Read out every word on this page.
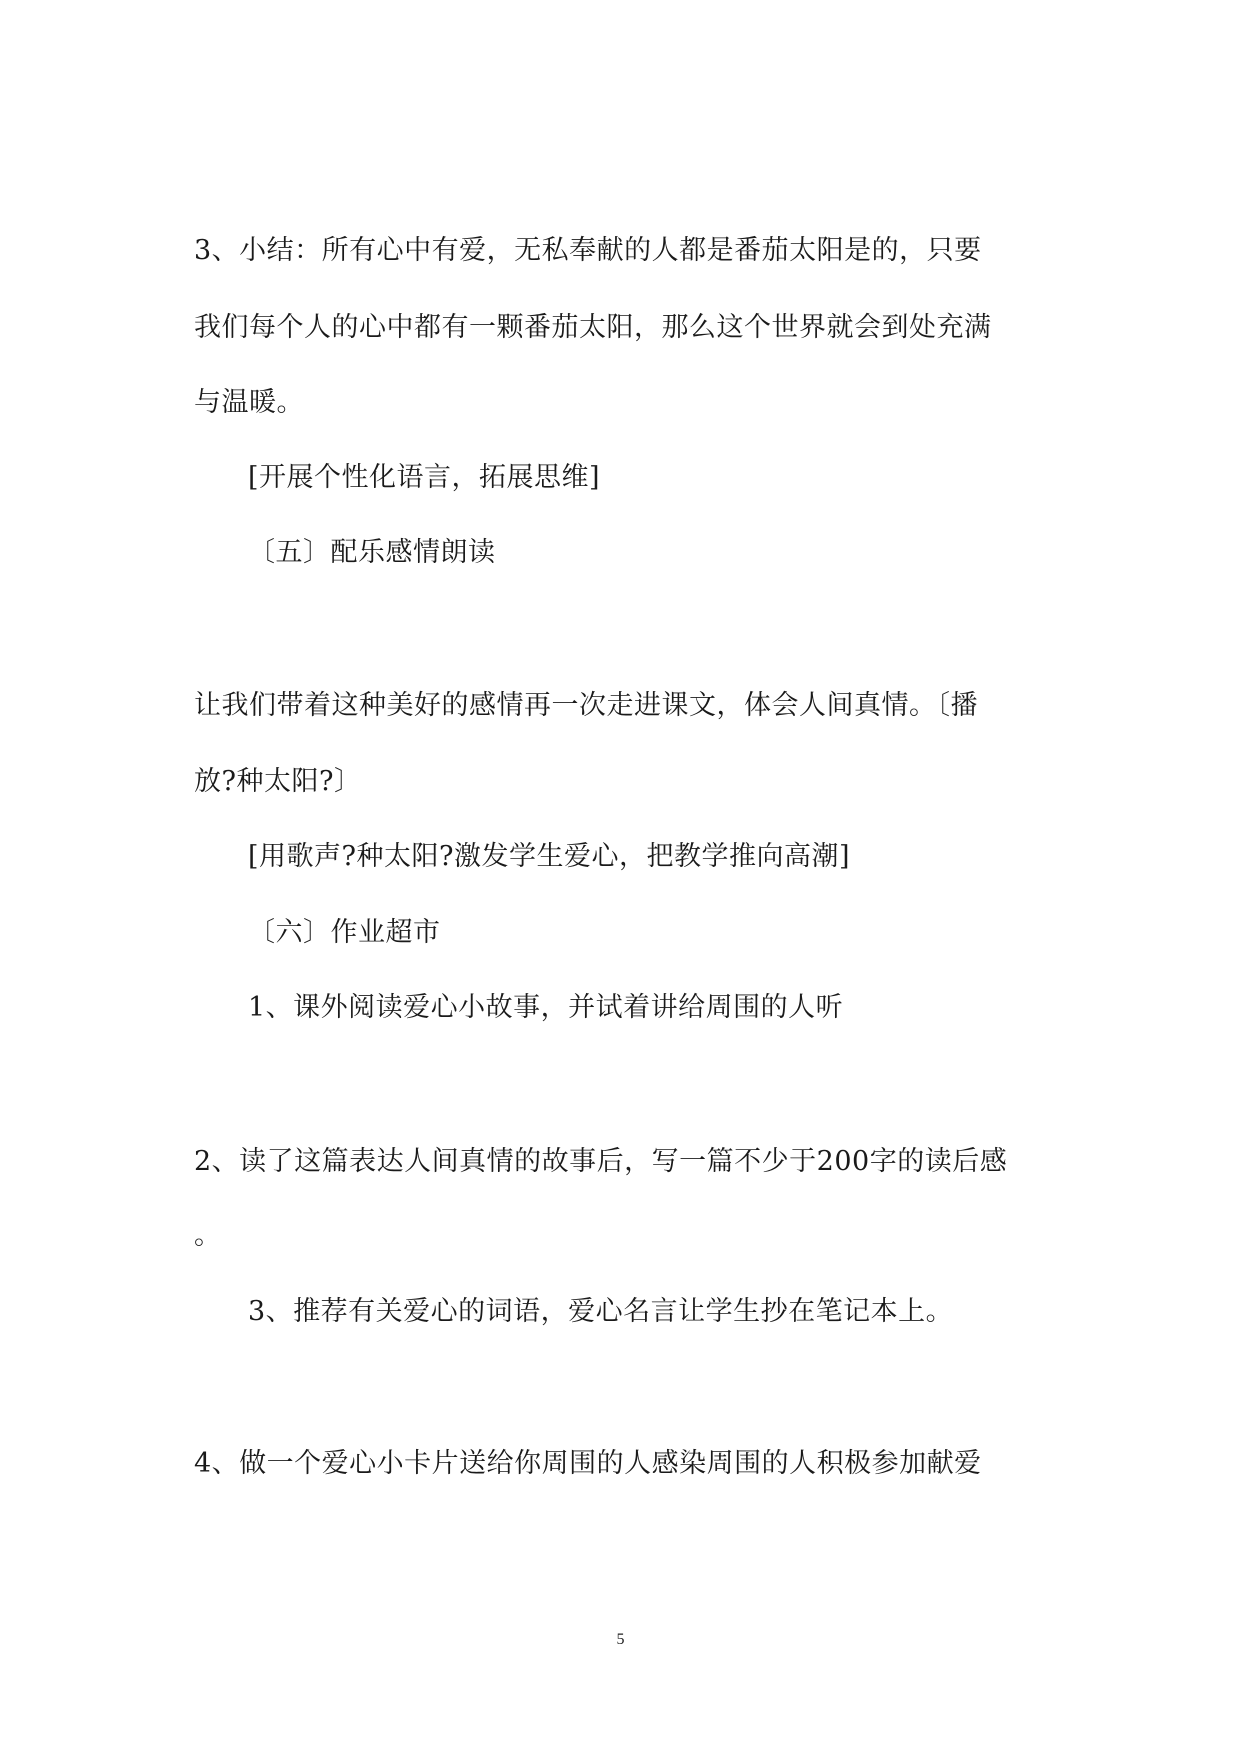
3、小结：所有心中有爱，无私奉献的人都是番茄太阳是的，只要
我们每个人的心中都有一颗番茄太阳，那么这个世界就会到处充满
与温暖。
[开展个性化语言，拓展思维]
〔五〕配乐感情朗读
让我们带着这种美好的感情再一次走进课文，体会人间真情。〔播
放?种太阳?〕
[用歌声?种太阳?激发学生爱心，把教学推向高潮]
〔六〕作业超市
1、课外阅读爱心小故事，并试着讲给周围的人听
2、读了这篇表达人间真情的故事后，写一篇不少于200字的读后感
。
3、推荐有关爱心的词语，爱心名言让学生抄在笔记本上。
4、做一个爱心小卡片送给你周围的人感染周围的人积极参加献爱
5
